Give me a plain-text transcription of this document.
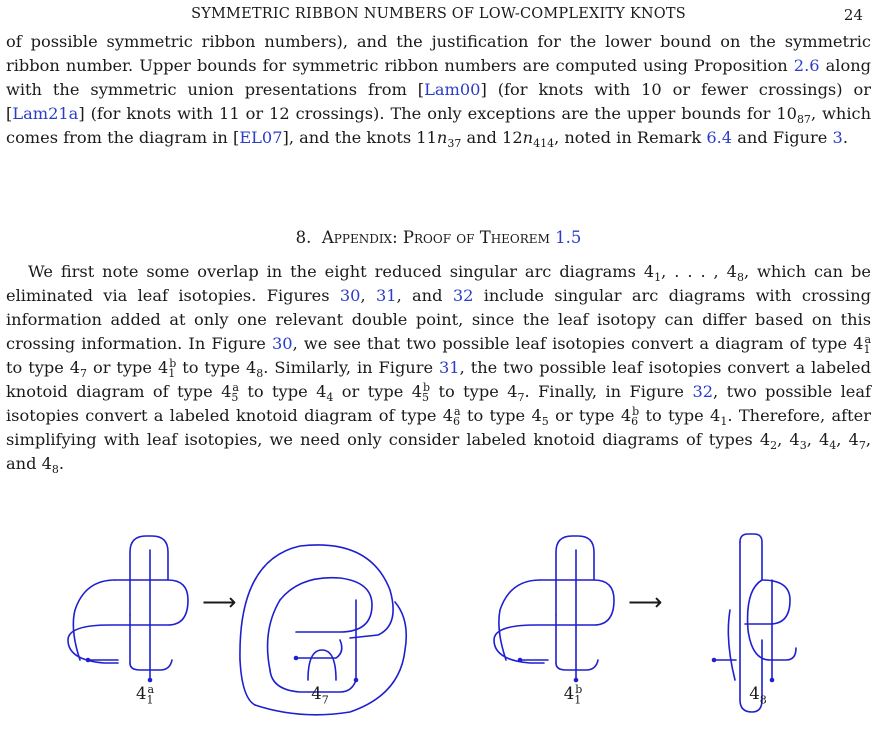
SYMMETRIC RIBBON NUMBERS OF LOW-COMPLEXITY KNOTS	24

of possible symmetric ribbon numbers), and the justification for the lower bound on the symmetric ribbon number. Upper bounds for symmetric ribbon numbers are computed using Proposition 2.6 along with the symmetric union presentations from [Lam00] (for knots with 10 or fewer crossings) or [Lam21a] (for knots with 11 or 12 crossings). The only exceptions are the upper bounds for $10_{87}$, which comes from the diagram in [EL07], and the knots $11n_{37}$ and $12n_{414}$, noted in Remark 6.4 and Figure 3.

8. Appendix: Proof of Theorem 1.5

We first note some overlap in the eight reduced singular arc diagrams $4_1$, . . . , $4_8$, which can be eliminated via leaf isotopies. Figures 30, 31, and 32 include singular arc diagrams with crossing information added at only one relevant double point, since the leaf isotopy can differ based on this crossing information. In Figure 30, we see that two possible leaf isotopies convert a diagram of type $4_1^a$ to type $4_7$ or type $4_1^b$ to type $4_8$. Similarly, in Figure 31, the two possible leaf isotopies convert a labeled knotoid diagram of type $4_5^a$ to type $4_4$ or type $4_5^b$ to type $4_7$. Finally, in Figure 32, two possible leaf isotopies convert a labeled knotoid diagram of type $4_6^a$ to type $4_5$ or type $4_6^b$ to type $4_1$. Therefore, after simplifying with leaf isotopies, we need only consider labeled knotoid diagrams of types $4_2$, $4_3$, $4_4$, $4_7$, and $4_8$.

⟶	⟶
$4_1^a$	$4_7$	$4_1^b$	$4_8$
